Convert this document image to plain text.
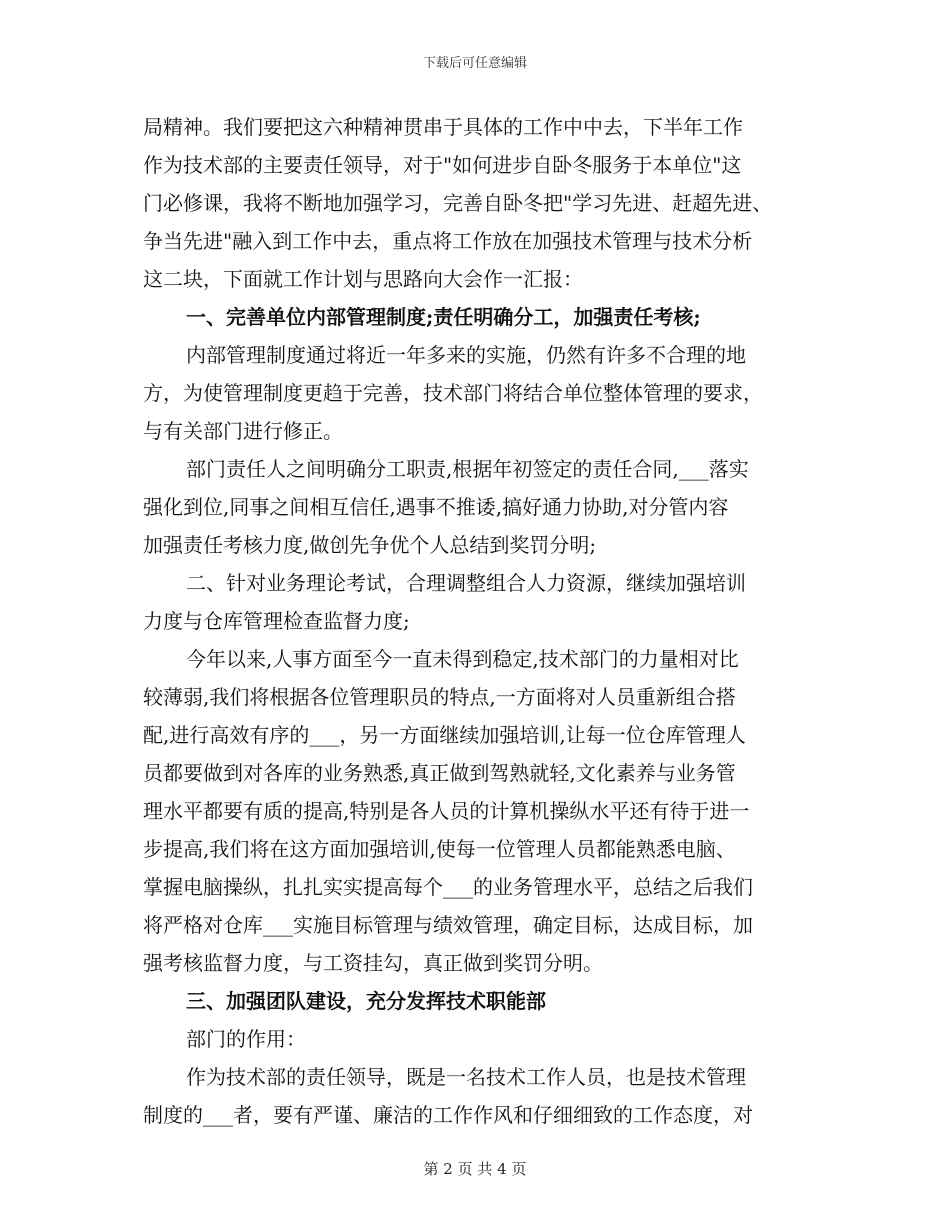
下载后可任意编辑
局精神。我们要把这六种精神贯串于具体的工作中中去，下半年工作
作为技术部的主要责任领导，对于"如何进步自卧冬服务于本单位"这
门必修课，我将不断地加强学习，完善自卧冬把"学习先进、赶超先进、
争当先进"融入到工作中去，重点将工作放在加强技术管理与技术分析
这二块，下面就工作计划与思路向大会作一汇报：
一、完善单位内部管理制度;责任明确分工，加强责任考核;
内部管理制度通过将近一年多来的实施，仍然有许多不合理的地
方，为使管理制度更趋于完善，技术部门将结合单位整体管理的要求，
与有关部门进行修正。
部门责任人之间明确分工职责,根据年初签定的责任合同,___落实
强化到位,同事之间相互信任,遇事不推诿,搞好通力协助,对分管内容
加强责任考核力度,做创先争优个人总结到奖罚分明;
二、针对业务理论考试，合理调整组合人力资源，继续加强培训
力度与仓库管理检查监督力度;
今年以来,人事方面至今一直未得到稳定,技术部门的力量相对比
较薄弱,我们将根据各位管理职员的特点,一方面将对人员重新组合搭
配,进行高效有序的___，另一方面继续加强培训,让每一位仓库管理人
员都要做到对各库的业务熟悉,真正做到驾熟就轻,文化素养与业务管
理水平都要有质的提高,特别是各人员的计算机操纵水平还有待于进一
步提高,我们将在这方面加强培训,使每一位管理人员都能熟悉电脑、
掌握电脑操纵，扎扎实实提高每个___的业务管理水平，总结之后我们
将严格对仓库___实施目标管理与绩效管理，确定目标，达成目标，加
强考核监督力度，与工资挂勾，真正做到奖罚分明。
三、加强团队建设，充分发挥技术职能部
部门的作用：
作为技术部的责任领导，既是一名技术工作人员，也是技术管理
制度的___者，要有严谨、廉洁的工作作风和仔细细致的工作态度，对
第 2 页 共 4 页
